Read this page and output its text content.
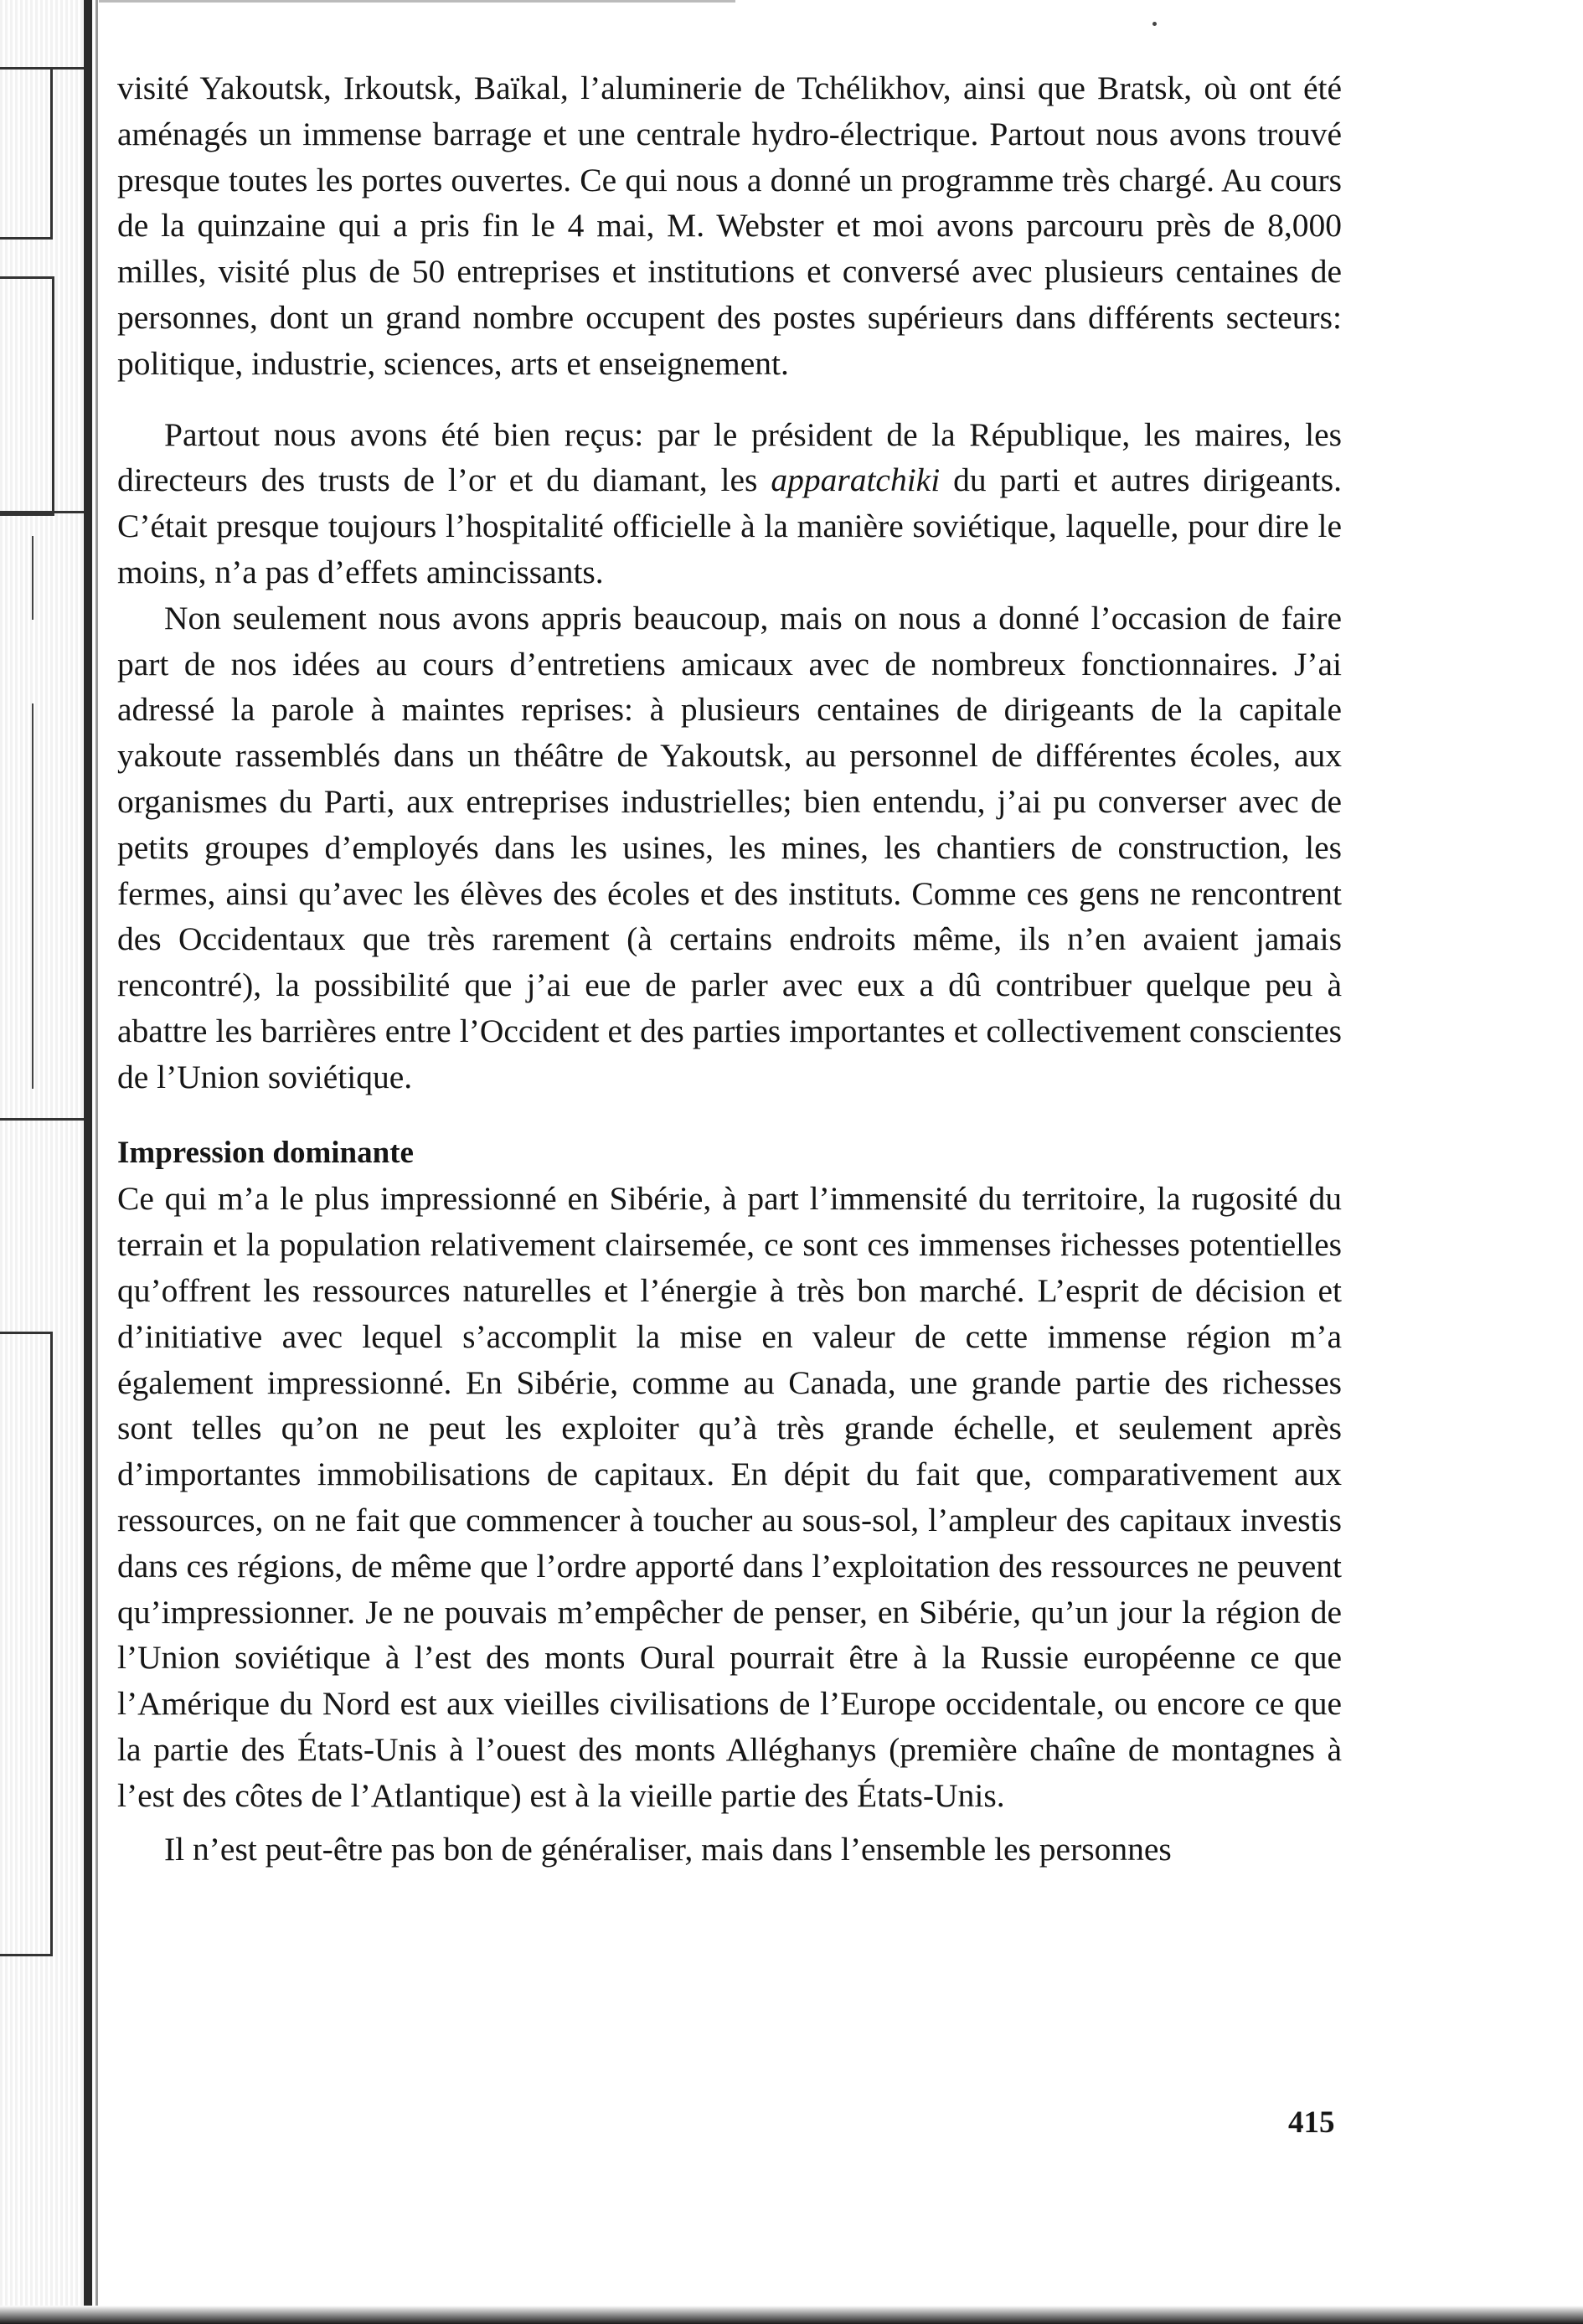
visité Yakoutsk, Irkoutsk, Baïkal, l’aluminerie de Tchélikhov, ainsi que Bratsk, où ont été aménagés un immense barrage et une centrale hydro-électrique. Partout nous avons trouvé presque toutes les portes ouvertes. Ce qui nous a donné un programme très chargé. Au cours de la quinzaine qui a pris fin le 4 mai, M. Webster et moi avons parcouru près de 8,000 milles, visité plus de 50 entreprises et institutions et conversé avec plusieurs centaines de personnes, dont un grand nombre occupent des postes supérieurs dans différents secteurs: politique, industrie, sciences, arts et enseignement.

Partout nous avons été bien reçus: par le président de la République, les maires, les directeurs des trusts de l’or et du diamant, les apparatchiki du parti et autres dirigeants. C’était presque toujours l’hospitalité officielle à la manière soviétique, laquelle, pour dire le moins, n’a pas d’effets amincissants.

Non seulement nous avons appris beaucoup, mais on nous a donné l’occasion de faire part de nos idées au cours d’entretiens amicaux avec de nombreux fonctionnaires. J’ai adressé la parole à maintes reprises: à plusieurs centaines de dirigeants de la capitale yakoute rassemblés dans un théâtre de Yakoutsk, au personnel de différentes écoles, aux organismes du Parti, aux entreprises industrielles; bien entendu, j’ai pu converser avec de petits groupes d’employés dans les usines, les mines, les chantiers de construction, les fermes, ainsi qu’avec les élèves des écoles et des instituts. Comme ces gens ne rencontrent des Occidentaux que très rarement (à certains endroits même, ils n’en avaient jamais rencontré), la possibilité que j’ai eue de parler avec eux a dû contribuer quelque peu à abattre les barrières entre l’Occident et des parties importantes et collectivement conscientes de l’Union soviétique.

Impression dominante

Ce qui m’a le plus impressionné en Sibérie, à part l’immensité du territoire, la rugosité du terrain et la population relativement clairsemée, ce sont ces immenses richesses potentielles qu’offrent les ressources naturelles et l’énergie à très bon marché. L’esprit de décision et d’initiative avec lequel s’accomplit la mise en valeur de cette immense région m’a également impressionné. En Sibérie, comme au Canada, une grande partie des richesses sont telles qu’on ne peut les exploiter qu’à très grande échelle, et seulement après d’importantes immobilisations de capitaux. En dépit du fait que, comparativement aux ressources, on ne fait que commencer à toucher au sous-sol, l’ampleur des capitaux investis dans ces régions, de même que l’ordre apporté dans l’exploitation des ressources ne peuvent qu’impressionner. Je ne pouvais m’empêcher de penser, en Sibérie, qu’un jour la région de l’Union soviétique à l’est des monts Oural pourrait être à la Russie européenne ce que l’Amérique du Nord est aux vieilles civilisations de l’Europe occidentale, ou encore ce que la partie des États-Unis à l’ouest des monts Alléghanys (première chaîne de montagnes à l’est des côtes de l’Atlantique) est à la vieille partie des États-Unis.

Il n’est peut-être pas bon de généraliser, mais dans l’ensemble les personnes

415
